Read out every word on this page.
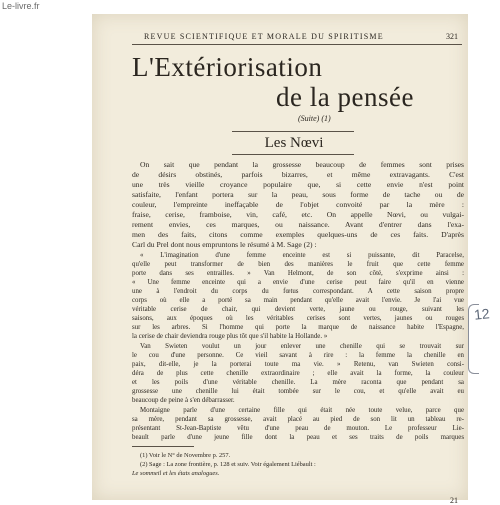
Le-livre.fr
REVUE SCIENTIFIQUE ET MORALE DU SPIRITISME	321
L'Extériorisation
de la pensée
(Suite) (1)
Les Nœvi
On sait que pendant la grossesse beaucoup de femmes sont prises
de désirs obstinés, parfois bizarres, et même extravagants. C'est
une très vieille croyance populaire que, si cette envie n'est point
satisfaite, l'enfant portera sur la peau, sous forme de tache ou de
couleur, l'empreinte ineffaçable de l'objet convoité par la mère :
fraise, cerise, framboise, vin, café, etc. On appelle Nœvi, ou vulgai-
rement envies, ces marques, ou naissance. Avant d'entrer dans l'exa-
men des faits, citons comme exemples quelques-uns de ces faits. D'après
Carl du Prel dont nous empruntons le résumé à M. Sage (2) :
« L'imagination d'une femme enceinte est si puissante, dit Paracelse,
qu'elle peut transformer de bien des manières le fruit que cette femme
porte dans ses entrailles. » Van Helmont, de son côté, s'exprime ainsi :
« Une femme enceinte qui a envie d'une cerise peut faire qu'il en vienne
une à l'endroit du corps du fœtus correspondant. A cette saison propre
corps où elle a porté sa main pendant qu'elle avait l'envie. Je l'ai vue
véritable cerise de chair, qui devient verte, jaune ou rouge, suivant les
saisons, aux époques où les véritables cerises sont vertes, jaunes ou rouges
sur les arbres. Si l'homme qui porte la marque de naissance habite l'Espagne,
la cerise de chair deviendra rouge plus tôt que s'il habite la Hollande. »
Van Swieten voulut un jour enlever une chenille qui se trouvait sur
le cou d'une personne. Ce vieil savant à rire : la femme la chenille en
paix, dit-elle, je la porterai toute ma vie. » Retenu, van Swieten consi-
déra de plus cette chenille extraordinaire ; elle avait la forme, la couleur
et les poils d'une véritable chenille. La mère raconta que pendant sa
grossesse une chenille lui était tombée sur le cou, et qu'elle avait eu
beaucoup de peine à s'en débarrasser.
Montaigne parle d'une certaine fille qui était née toute velue, parce que
sa mère, pendant sa grossesse, avait placé au pied de son lit un tableau re-
présentant St-Jean-Baptiste vêtu d'une peau de mouton. Le professeur Lie-
beault parle d'une jeune fille dont la peau et ses traits de poils marques
(1) Voir le N° de Novembre p. 257.
(2) Sage : La zone frontière, p. 128 et suiv. Voir également Liébault :
Le sommeil et les états analogues.
21
12
